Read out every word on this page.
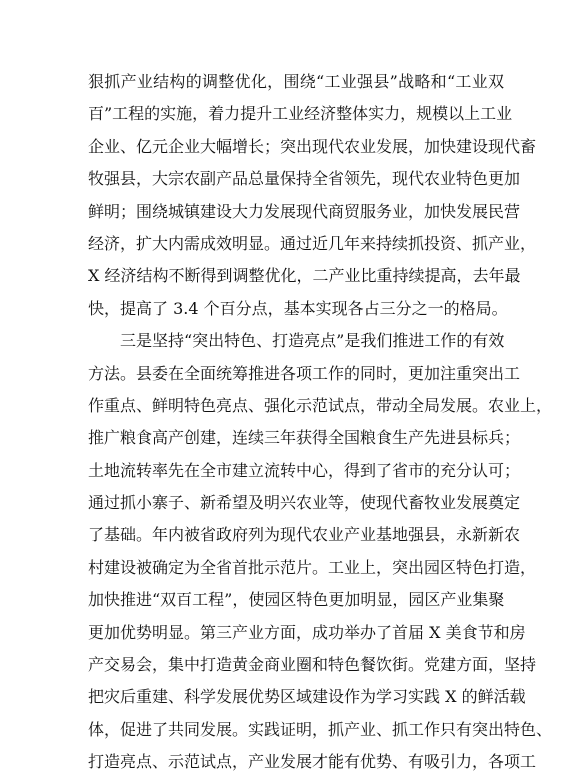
狠抓产业结构的调整优化，围绕“工业强县”战略和“工业双
百”工程的实施，着力提升工业经济整体实力，规模以上工业
企业、亿元企业大幅增长；突出现代农业发展，加快建设现代畜
牧强县，大宗农副产品总量保持全省领先，现代农业特色更加
鲜明；围绕城镇建设大力发展现代商贸服务业，加快发展民营
经济，扩大内需成效明显。通过近几年来持续抓投资、抓产业，
X 经济结构不断得到调整优化，二产业比重持续提高，去年最
快，提高了 3.4 个百分点，基本实现各占三分之一的格局。
三是坚持“突出特色、打造亮点”是我们推进工作的有效
方法。县委在全面统筹推进各项工作的同时，更加注重突出工
作重点、鲜明特色亮点、强化示范试点，带动全局发展。农业上，
推广粮食高产创建，连续三年获得全国粮食生产先进县标兵；
土地流转率先在全市建立流转中心，得到了省市的充分认可；
通过抓小寨子、新希望及明兴农业等，使现代畜牧业发展奠定
了基础。年内被省政府列为现代农业产业基地强县，永新新农
村建设被确定为全省首批示范片。工业上，突出园区特色打造，
加快推进“双百工程”，使园区特色更加明显，园区产业集聚
更加优势明显。第三产业方面，成功举办了首届 X 美食节和房
产交易会，集中打造黄金商业圈和特色餐饮街。党建方面，坚持
把灾后重建、科学发展优势区域建设作为学习实践 X 的鲜活载
体，促进了共同发展。实践证明，抓产业、抓工作只有突出特色、
打造亮点、示范试点，产业发展才能有优势、有吸引力，各项工
